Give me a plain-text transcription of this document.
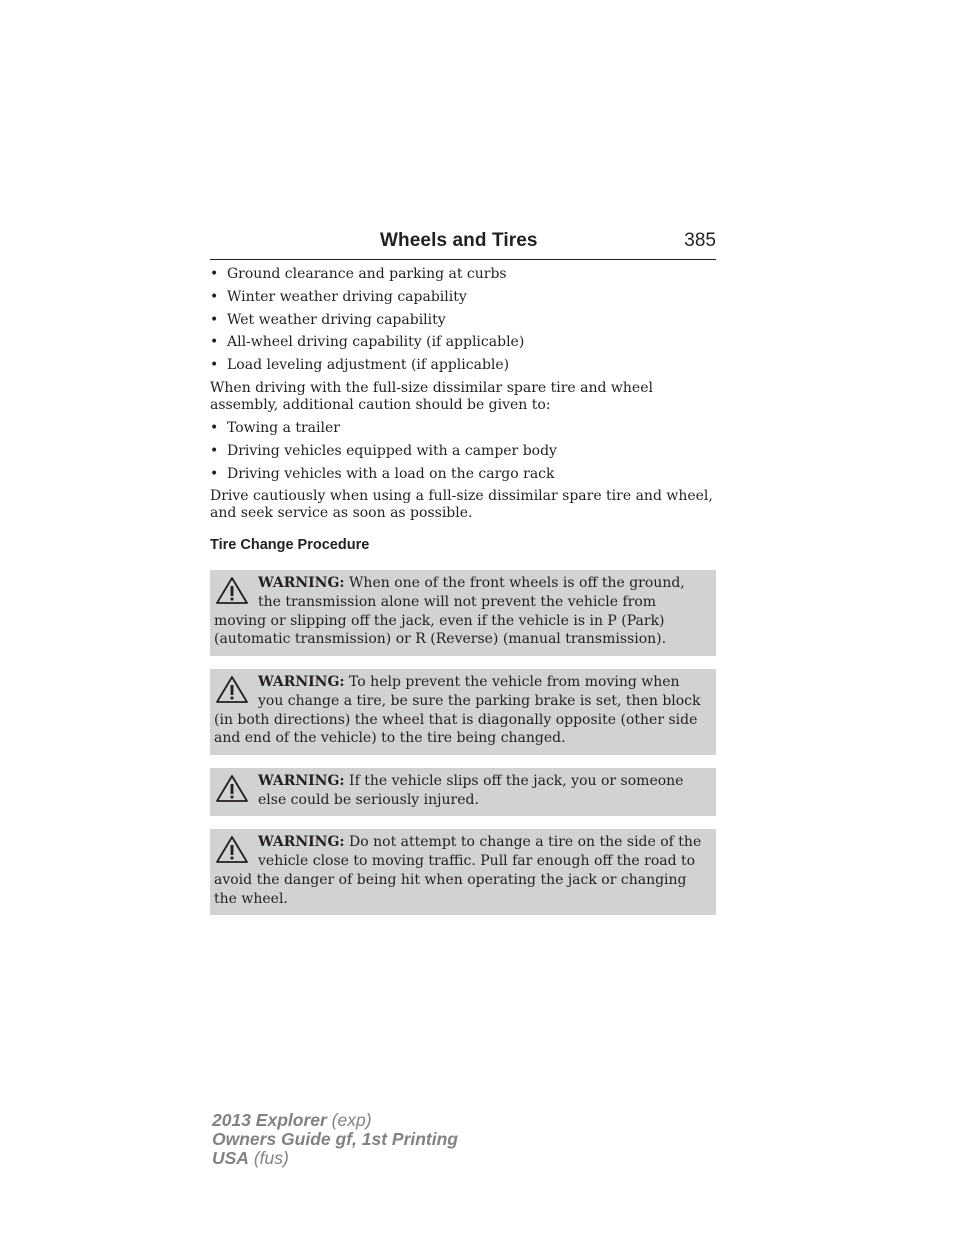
Wheels and Tires	385
• Ground clearance and parking at curbs
• Winter weather driving capability
• Wet weather driving capability
• All-wheel driving capability (if applicable)
• Load leveling adjustment (if applicable)

When driving with the full-size dissimilar spare tire and wheel assembly, additional caution should be given to:

• Towing a trailer
• Driving vehicles equipped with a camper body
• Driving vehicles with a load on the cargo rack

Drive cautiously when using a full-size dissimilar spare tire and wheel, and seek service as soon as possible.

Tire Change Procedure
WARNING: When one of the front wheels is off the ground, the transmission alone will not prevent the vehicle from moving or slipping off the jack, even if the vehicle is in P (Park) (automatic transmission) or R (Reverse) (manual transmission).
WARNING: To help prevent the vehicle from moving when you change a tire, be sure the parking brake is set, then block (in both directions) the wheel that is diagonally opposite (other side and end of the vehicle) to the tire being changed.
WARNING: If the vehicle slips off the jack, you or someone else could be seriously injured.
WARNING: Do not attempt to change a tire on the side of the vehicle close to moving traffic. Pull far enough off the road to avoid the danger of being hit when operating the jack or changing the wheel.
2013 Explorer (exp)
Owners Guide gf, 1st Printing
USA (fus)
